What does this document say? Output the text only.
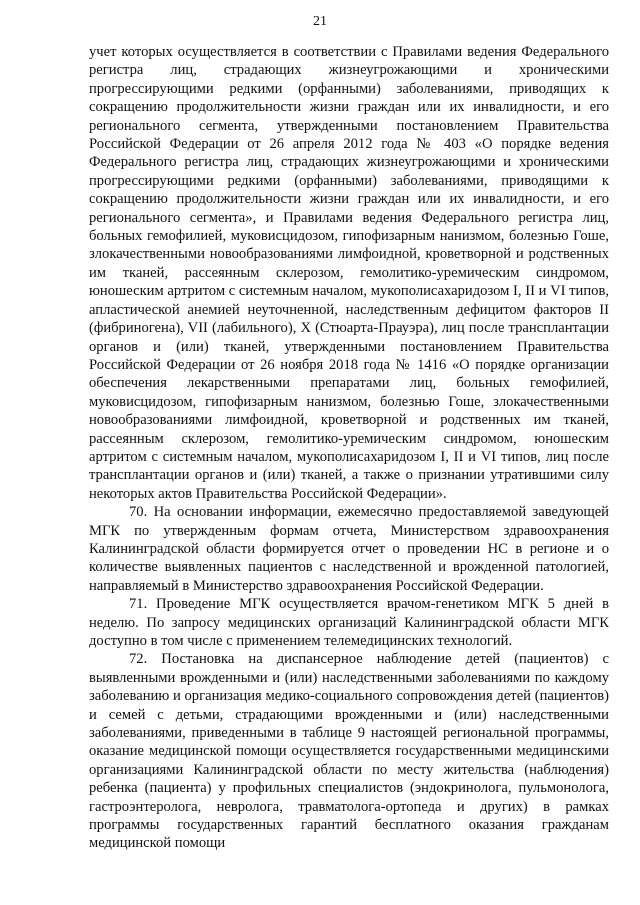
21

учет которых осуществляется в соответствии с Правилами ведения Федерального регистра лиц, страдающих жизнеугрожающими и хроническими прогрессирующими редкими (орфанными) заболеваниями, приводящих к сокращению продолжительности жизни граждан или их инвалидности, и его регионального сегмента, утвержденными постановлением Правительства Российской Федерации от 26 апреля 2012 года № 403 «О порядке ведения Федерального регистра лиц, страдающих жизнеугрожающими и хроническими прогрессирующими редкими (орфанными) заболеваниями, приводящими к сокращению продолжительности жизни граждан или их инвалидности, и его регионального сегмента», и Правилами ведения Федерального регистра лиц, больных гемофилией, муковисцидозом, гипофизарным нанизмом, болезнью Гоше, злокачественными новообразованиями лимфоидной, кроветворной и родственных им тканей, рассеянным склерозом, гемолитико-уремическим синдромом, юношеским артритом с системным началом, мукополисахаридозом I, II и VI типов, апластической анемией неуточненной, наследственным дефицитом факторов II (фибриногена), VII (лабильного), X (Стюарта-Прауэра), лиц после трансплантации органов и (или) тканей, утвержденными постановлением Правительства Российской Федерации от 26 ноября 2018 года № 1416 «О порядке организации обеспечения лекарственными препаратами лиц, больных гемофилией, муковисцидозом, гипофизарным нанизмом, болезнью Гоше, злокачественными новообразованиями лимфоидной, кроветворной и родственных им тканей, рассеянным склерозом, гемолитико-уремическим синдромом, юношеским артритом с системным началом, мукополисахаридозом I, II и VI типов, лиц после трансплантации органов и (или) тканей, а также о признании утратившими силу некоторых актов Правительства Российской Федерации».

70. На основании информации, ежемесячно предоставляемой заведующей МГК по утвержденным формам отчета, Министерством здравоохранения Калининградской области формируется отчет о проведении НС в регионе и о количестве выявленных пациентов с наследственной и врожденной патологией, направляемый в Министерство здравоохранения Российской Федерации.

71. Проведение МГК осуществляется врачом-генетиком МГК 5 дней в неделю. По запросу медицинских организаций Калининградской области МГК доступно в том числе с применением телемедицинских технологий.

72. Постановка на диспансерное наблюдение детей (пациентов) с выявленными врожденными и (или) наследственными заболеваниями по каждому заболеванию и организация медико-социального сопровождения детей (пациентов) и семей с детьми, страдающими врожденными и (или) наследственными заболеваниями, приведенными в таблице 9 настоящей региональной программы, оказание медицинской помощи осуществляется государственными медицинскими организациями Калининградской области по месту жительства (наблюдения) ребенка (пациента) у профильных специалистов (эндокринолога, пульмонолога, гастроэнтеролога, невролога, травматолога-ортопеда и других) в рамках программы государственных гарантий бесплатного оказания гражданам медицинской помощи
